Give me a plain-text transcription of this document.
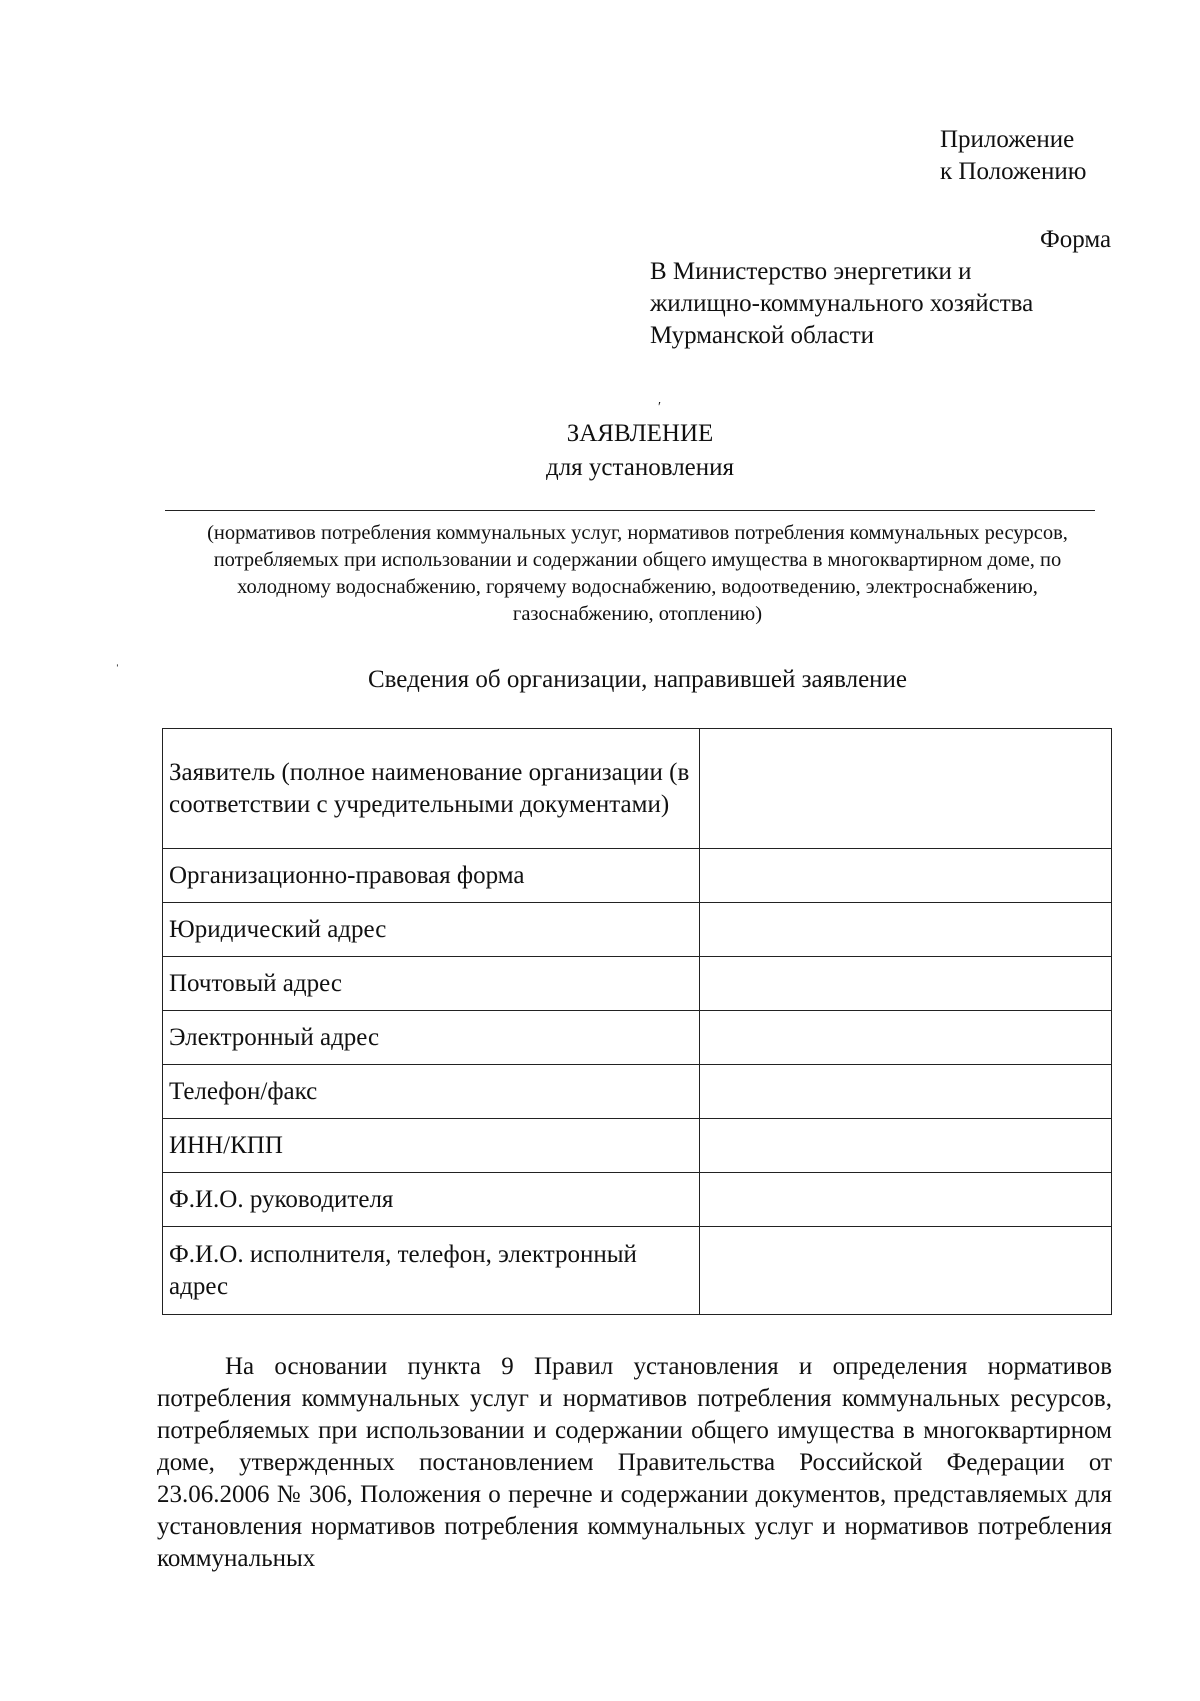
Приложение
к Положению
Форма
В Министерство энергетики и
жилищно-коммунального хозяйства
Мурманской области
′
ˈ
ЗАЯВЛЕНИЕ
для установления
(нормативов потребления коммунальных услуг, нормативов потребления коммунальных ресурсов, потребляемых при использовании и содержании общего имущества в многоквартирном доме, по холодному водоснабжению, горячему водоснабжению, водоотведению, электроснабжению, газоснабжению, отоплению)
Сведения об организации, направившей заявление
Заявитель (полное наименование организации (в соответствии с учредительными документами)	
Организационно-правовая форма	
Юридический адрес	
Почтовый адрес	
Электронный адрес	
Телефон/факс	
ИНН/КПП	
Ф.И.О. руководителя	
Ф.И.О. исполнителя, телефон, электронный адрес	
На основании пункта 9 Правил установления и определения нормативов потребления коммунальных услуг и нормативов потребления коммунальных ресурсов, потребляемых при использовании и содержании общего имущества в многоквартирном доме, утвержденных постановлением Правительства Российской Федерации от 23.06.2006 № 306, Положения о перечне и содержании документов, представляемых для установления нормативов потребления коммунальных услуг и нормативов потребления коммунальных
